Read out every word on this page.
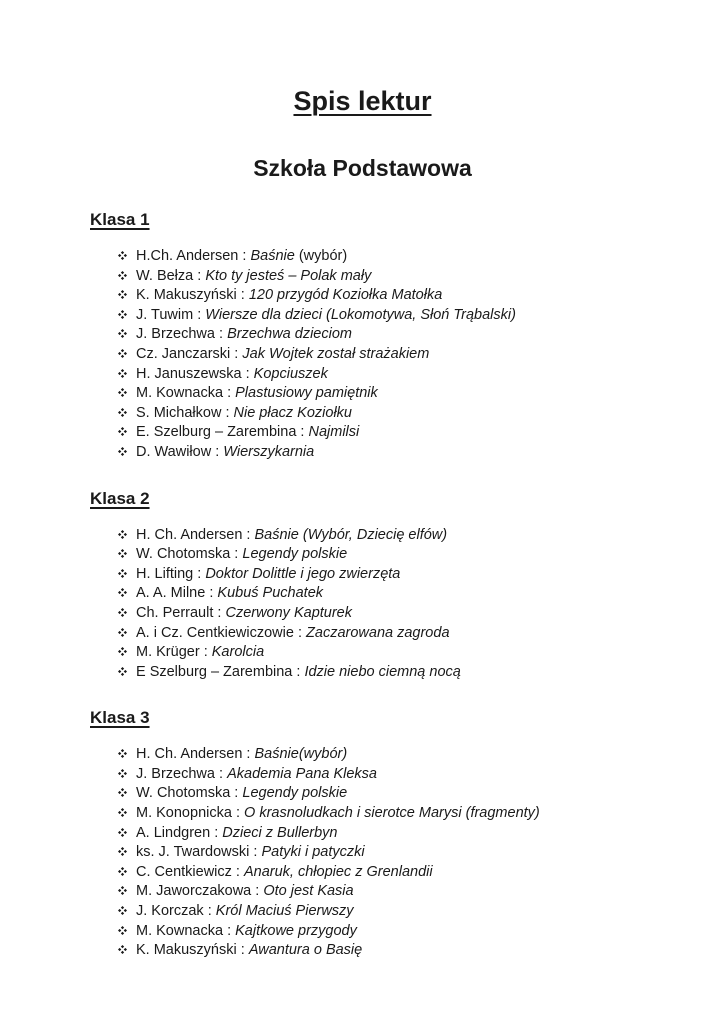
Spis lektur
Szkoła Podstawowa
Klasa 1
H.Ch. Andersen : Baśnie (wybór)
W. Bełza : Kto ty jesteś – Polak mały
K. Makuszyński : 120 przygód Koziołka Matołka
J. Tuwim : Wiersze dla dzieci (Lokomotywa, Słoń Trąbalski)
J. Brzechwa : Brzechwa dzieciom
Cz. Janczarski : Jak Wojtek został strażakiem
H. Januszewska : Kopciuszek
M. Kownacka : Plastusiowy pamiętnik
S. Michałkow : Nie płacz Koziołku
E. Szelburg – Zarembina : Najmilsi
D. Wawiłow : Wierszykarnia
Klasa 2
H. Ch. Andersen : Baśnie (Wybór, Dziecię elfów)
W. Chotomska : Legendy polskie
H. Lifting : Doktor Dolittle i jego zwierzęta
A. A. Milne : Kubuś Puchatek
Ch. Perrault : Czerwony Kapturek
A. i Cz. Centkiewiczowie : Zaczarowana zagroda
M. Krüger : Karolcia
E Szelburg – Zarembina : Idzie niebo ciemną nocą
Klasa 3
H. Ch. Andersen : Baśnie(wybór)
J. Brzechwa : Akademia Pana Kleksa
W. Chotomska : Legendy polskie
M. Konopnicka : O krasnoludkach i sierotce Marysi (fragmenty)
A. Lindgren : Dzieci z Bullerbyn
ks. J. Twardowski : Patyki i patyczki
C. Centkiewicz : Anaruk, chłopiec z Grenlandii
M. Jaworczakowa : Oto jest Kasia
J. Korczak : Król Maciuś Pierwszy
M. Kownacka : Kajtkowe przygody
K. Makuszyński : Awantura o Basię
